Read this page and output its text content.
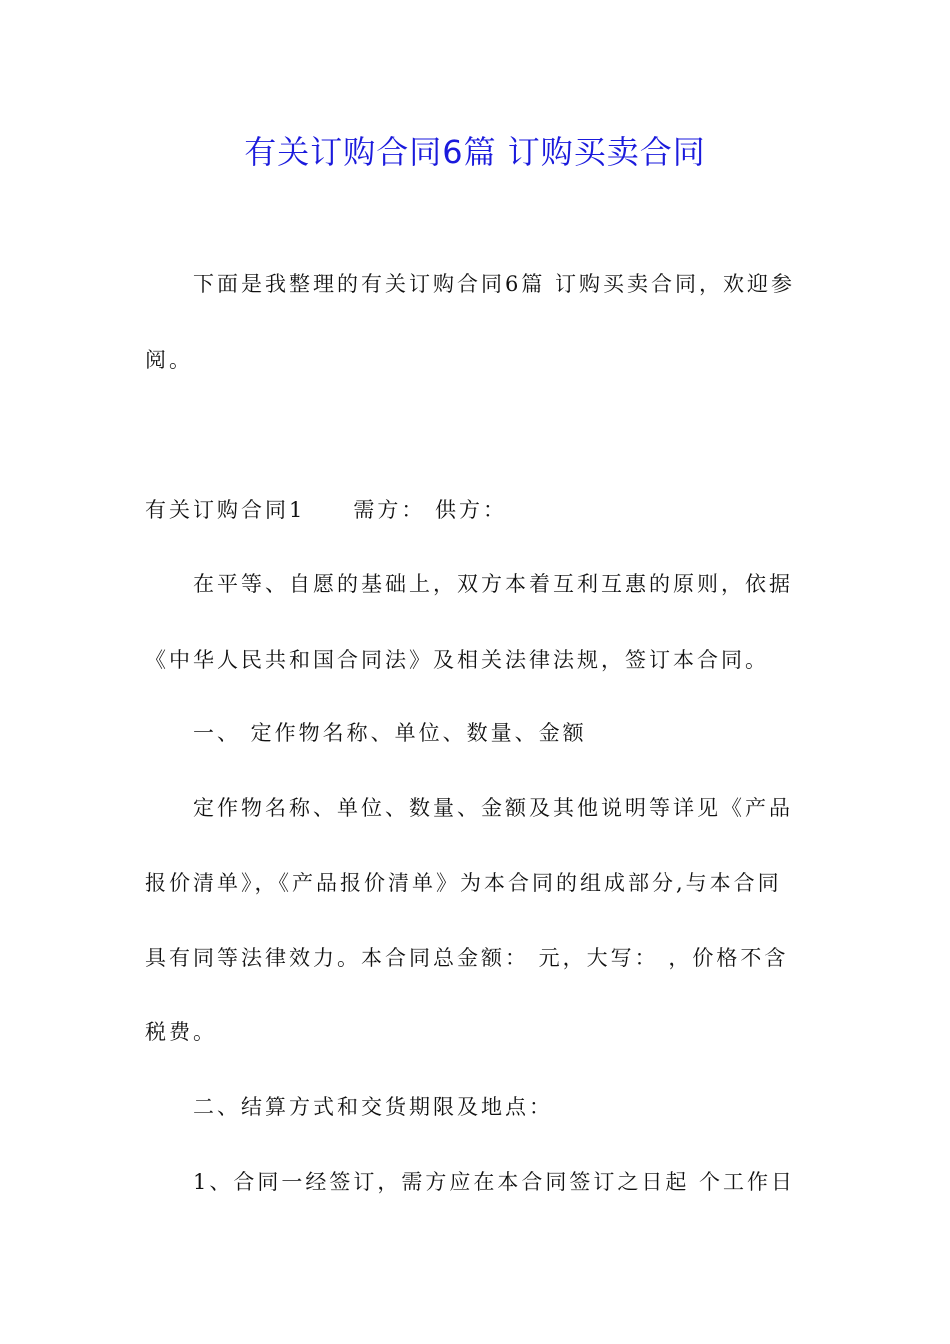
有关订购合同6篇 订购买卖合同
下面是我整理的有关订购合同6篇 订购买卖合同，欢迎参
阅。
有关订购合同1　　需方： 供方：
在平等、自愿的基础上，双方本着互利互惠的原则，依据
《中华人民共和国合同法》及相关法律法规，签订本合同。
一、 定作物名称、单位、数量、金额
定作物名称、单位、数量、金额及其他说明等详见《产品
报价清单》，《产品报价清单》为本合同的组成部分,与本合同
具有同等法律效力。本合同总金额： 元，大写： ，价格不含
税费。
二、结算方式和交货期限及地点：
1、合同一经签订，需方应在本合同签订之日起 个工作日
